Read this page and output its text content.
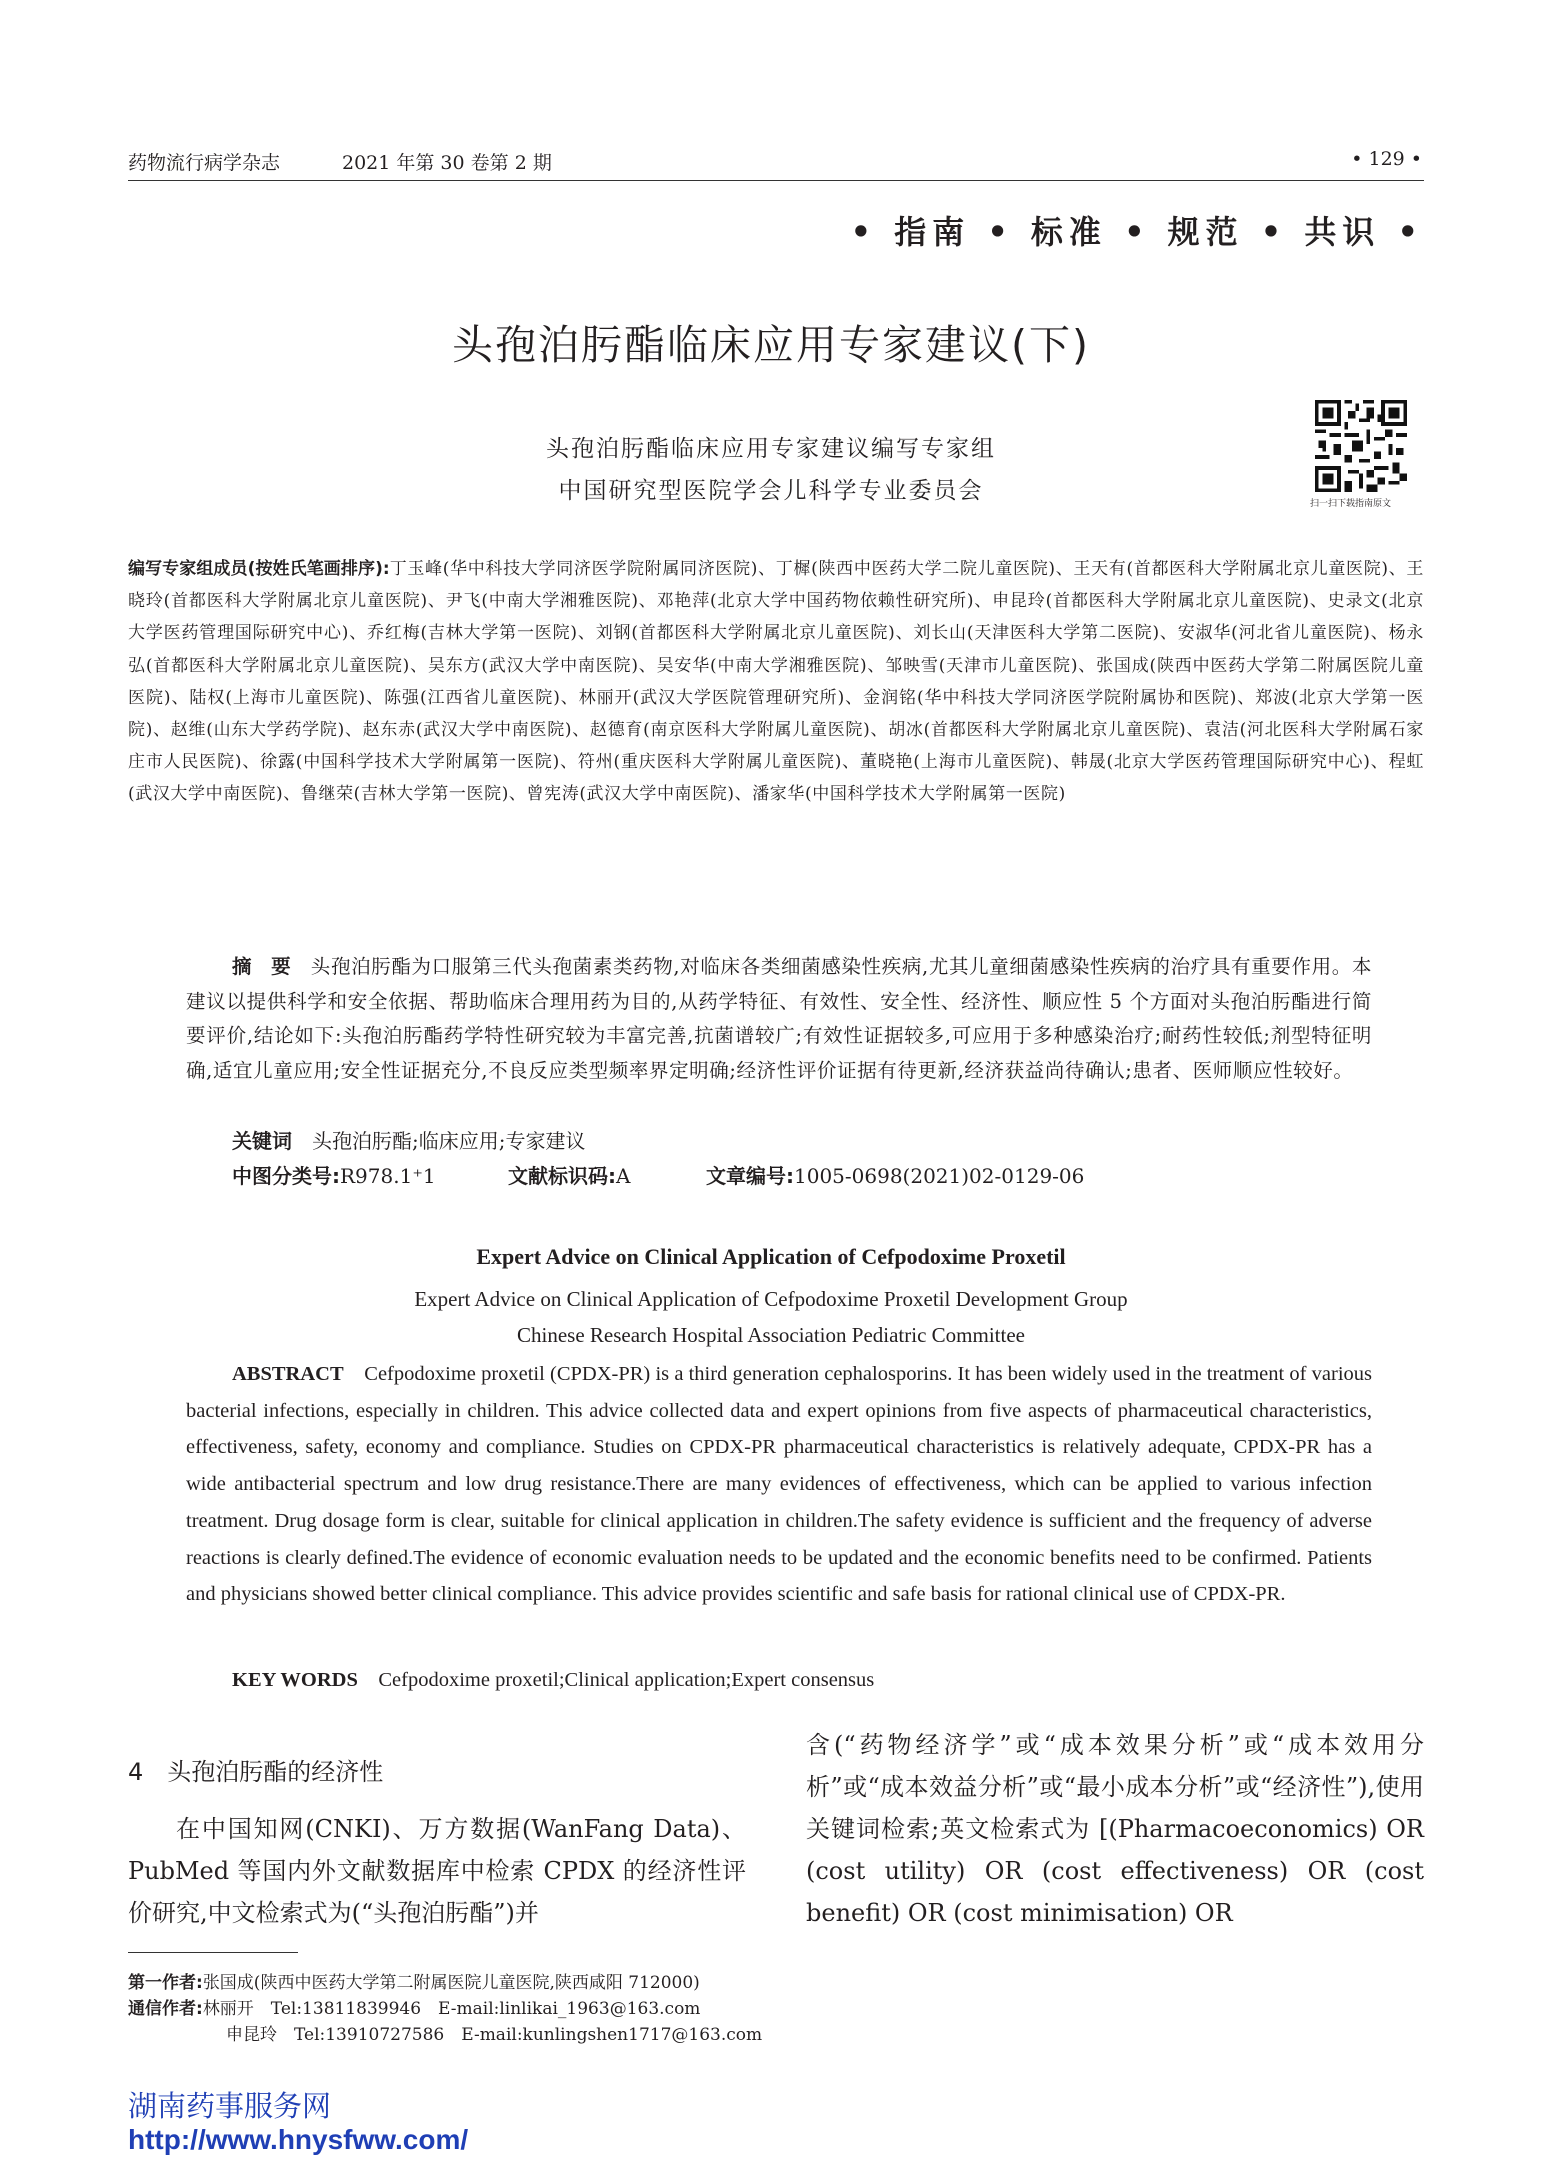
药物流行病学杂志	2021 年第 30 卷第 2 期	• 129 •
• 指南 • 标准 • 规范 • 共识 •
头孢泊肟酯临床应用专家建议(下)
头孢泊肟酯临床应用专家建议编写专家组
中国研究型医院学会儿科学专业委员会	扫一扫下载指南原文
编写专家组成员(按姓氏笔画排序):丁玉峰(华中科技大学同济医学院附属同济医院)、丁樨(陕西中医药大学二院儿童医院)、王天有(首都医科大学附属北京儿童医院)、王晓玲(首都医科大学附属北京儿童医院)、尹飞(中南大学湘雅医院)、邓艳萍(北京大学中国药物依赖性研究所)、申昆玲(首都医科大学附属北京儿童医院)、史录文(北京大学医药管理国际研究中心)、乔红梅(吉林大学第一医院)、刘钢(首都医科大学附属北京儿童医院)、刘长山(天津医科大学第二医院)、安淑华(河北省儿童医院)、杨永弘(首都医科大学附属北京儿童医院)、吴东方(武汉大学中南医院)、吴安华(中南大学湘雅医院)、邹映雪(天津市儿童医院)、张国成(陕西中医药大学第二附属医院儿童医院)、陆权(上海市儿童医院)、陈强(江西省儿童医院)、林丽开(武汉大学医院管理研究所)、金润铭(华中科技大学同济医学院附属协和医院)、郑波(北京大学第一医院)、赵维(山东大学药学院)、赵东赤(武汉大学中南医院)、赵德育(南京医科大学附属儿童医院)、胡冰(首都医科大学附属北京儿童医院)、袁洁(河北医科大学附属石家庄市人民医院)、徐露(中国科学技术大学附属第一医院)、符州(重庆医科大学附属儿童医院)、董晓艳(上海市儿童医院)、韩晟(北京大学医药管理国际研究中心)、程虹(武汉大学中南医院)、鲁继荣(吉林大学第一医院)、曾宪涛(武汉大学中南医院)、潘家华(中国科学技术大学附属第一医院)
摘　要　 头孢泊肟酯为口服第三代头孢菌素类药物,对临床各类细菌感染性疾病,尤其儿童细菌感染性疾病的治疗具有重要作用。本建议以提供科学和安全依据、帮助临床合理用药为目的,从药学特征、有效性、安全性、经济性、顺应性 5 个方面对头孢泊肟酯进行简要评价,结论如下:头孢泊肟酯药学特性研究较为丰富完善,抗菌谱较广;有效性证据较多,可应用于多种感染治疗;耐药性较低;剂型特征明确,适宜儿童应用;安全性证据充分,不良反应类型频率界定明确;经济性评价证据有待更新,经济获益尚待确认;患者、医师顺应性较好。
关键词　 头孢泊肟酯;临床应用;专家建议
中图分类号:R978.1⁺1	文献标识码:A	文章编号:1005-0698(2021)02-0129-06
Expert Advice on Clinical Application of Cefpodoxime Proxetil
Expert Advice on Clinical Application of Cefpodoxime Proxetil Development Group
Chinese Research Hospital Association Pediatric Committee
ABSTRACT　 Cefpodoxime proxetil (CPDX-PR) is a third generation cephalosporins. It has been widely used in the treatment of various bacterial infections, especially in children. This advice collected data and expert opinions from five aspects of pharmaceutical characteristics, effectiveness, safety, economy and compliance. Studies on CPDX-PR pharmaceutical characteristics is relatively adequate, CPDX-PR has a wide antibacterial spectrum and low drug resistance.There are many evidences of effectiveness, which can be applied to various infection treatment. Drug dosage form is clear, suitable for clinical application in children.The safety evidence is sufficient and the frequency of adverse reactions is clearly defined.The evidence of economic evaluation needs to be updated and the economic benefits need to be confirmed. Patients and physicians showed better clinical compliance. This advice provides scientific and safe basis for rational clinical use of CPDX-PR.
KEY WORDS　 Cefpodoxime proxetil;Clinical application;Expert consensus
4　头孢泊肟酯的经济性
在中国知网(CNKI)、万方数据(WanFang Data)、PubMed 等国内外文献数据库中检索 CPDX 的经济性评价研究,中文检索式为(“头孢泊肟酯”)并
含(“药物经济学”或“成本效果分析”或“成本效用分析”或“成本效益分析”或“最小成本分析”或“经济性”),使用关键词检索;英文检索式为 [(Pharmacoeconomics) OR (cost utility) OR (cost effectiveness) OR (cost benefit) OR (cost minimisation) OR
第一作者:张国成(陕西中医药大学第二附属医院儿童医院,陕西咸阳 712000)
通信作者:林丽开　Tel:13811839946　E-mail:linlikai_1963@163.com
申昆玲　Tel:13910727586　E-mail:kunlingshen1717@163.com
湖南药事服务网
http://www.hnysfww.com/
